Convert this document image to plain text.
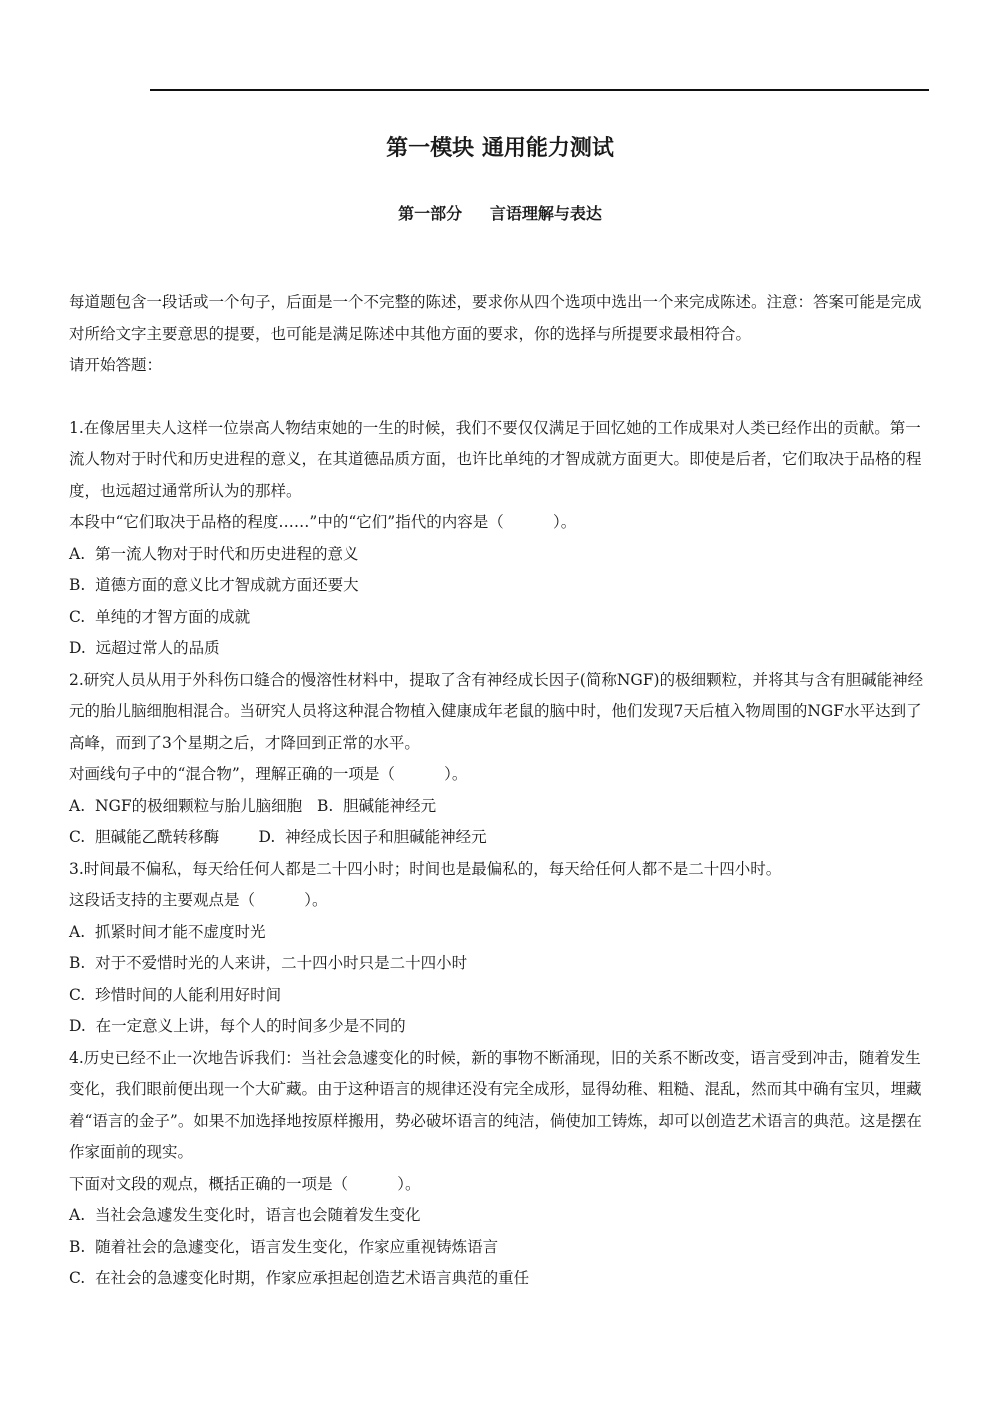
第一模块 通用能力测试
第一部分     言语理解与表达

每道题包含一段话或一个句子，后面是一个不完整的陈述，要求你从四个选项中选出一个来完成陈述。注意：答案可能是完成对所给文字主要意思的提要，也可能是满足陈述中其他方面的要求，你的选择与所提要求最相符合。
请开始答题：

1.在像居里夫人这样一位崇高人物结束她的一生的时候，我们不要仅仅满足于回忆她的工作成果对人类已经作出的贡献。第一流人物对于时代和历史进程的意义，在其道德品质方面，也许比单纯的才智成就方面更大。即使是后者，它们取决于品格的程度，也远超过通常所认为的那样。

本段中“它们取决于品格的程度……”中的“它们”指代的内容是（          ）。

A.  第一流人物对于时代和历史进程的意义

B.  道德方面的意义比才智成就方面还要大

C.  单纯的才智方面的成就

D.  远超过常人的品质

2.研究人员从用于外科伤口缝合的慢溶性材料中，提取了含有神经成长因子(简称NGF)的极细颗粒，并将其与含有胆碱能神经元的胎儿脑细胞相混合。当研究人员将这种混合物植入健康成年老鼠的脑中时，他们发现7天后植入物周围的NGF水平达到了高峰，而到了3个星期之后，才降回到正常的水平。

对画线句子中的“混合物”，理解正确的一项是（          ）。

A.  NGF的极细颗粒与胎儿脑细胞   B.  胆碱能神经元

C.  胆碱能乙酰转移酶        D.  神经成长因子和胆碱能神经元

3.时间最不偏私，每天给任何人都是二十四小时；时间也是最偏私的，每天给任何人都不是二十四小时。

这段话支持的主要观点是（          ）。

A.  抓紧时间才能不虚度时光

B.  对于不爱惜时光的人来讲，二十四小时只是二十四小时

C.  珍惜时间的人能利用好时间

D.  在一定意义上讲，每个人的时间多少是不同的

4.历史已经不止一次地告诉我们：当社会急遽变化的时候，新的事物不断涌现，旧的关系不断改变，语言受到冲击，随着发生变化，我们眼前便出现一个大矿藏。由于这种语言的规律还没有完全成形，显得幼稚、粗糙、混乱，然而其中确有宝贝，埋藏着“语言的金子”。如果不加选择地按原样搬用，势必破坏语言的纯洁，倘使加工铸炼，却可以创造艺术语言的典范。这是摆在作家面前的现实。

下面对文段的观点，概括正确的一项是（          ）。

A.  当社会急遽发生变化时，语言也会随着发生变化

B.  随着社会的急遽变化，语言发生变化，作家应重视铸炼语言

C.  在社会的急遽变化时期，作家应承担起创造艺术语言典范的重任
